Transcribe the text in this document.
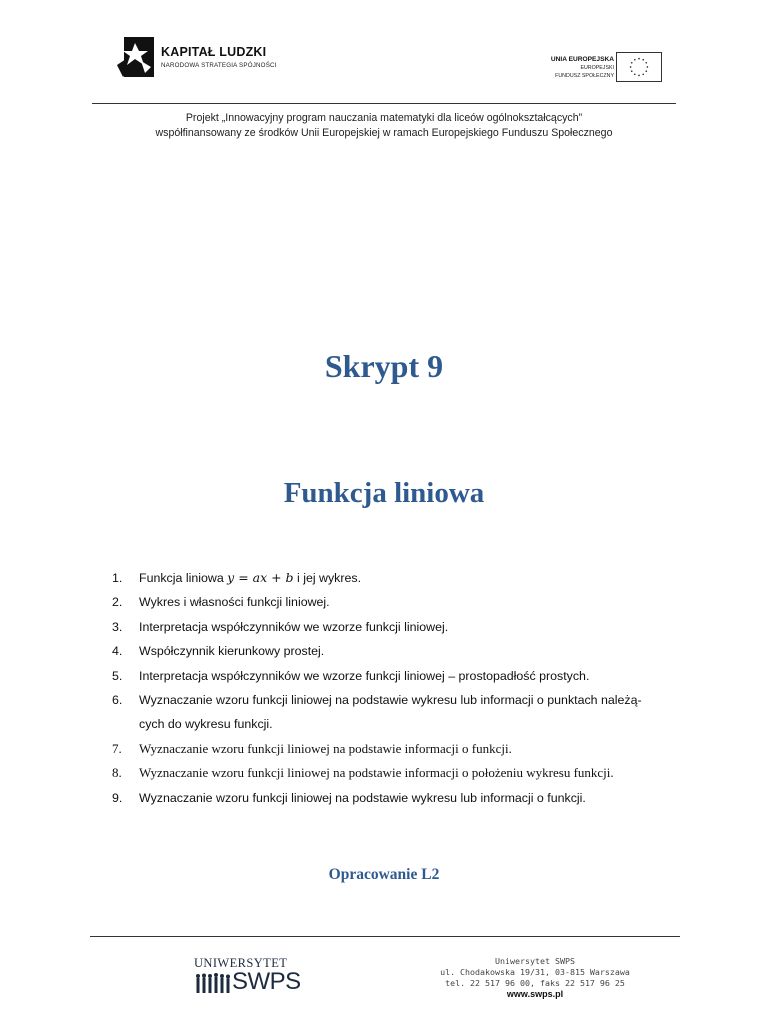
KAPITAŁ LUDZKI
NARODOWA STRATEGIA SPÓJNOŚCI
UNIA EUROPEJSKA
EUROPEJSKI
FUNDUSZ SPOŁECZNY
Projekt „Innowacyjny program nauczania matematyki dla liceów ogólnokształcących”
współfinansowany ze środków Unii Europejskiej w ramach Europejskiego Funduszu Społecznego
Skrypt 9
Funkcja liniowa
1. Funkcja liniowa y = ax + b i jej wykres.
2. Wykres i własności funkcji liniowej.
3. Interpretacja współczynników we wzorze funkcji liniowej.
4. Współczynnik kierunkowy prostej.
5. Interpretacja współczynników we wzorze funkcji liniowej – prostopadłość prostych.
6. Wyznaczanie wzoru funkcji liniowej na podstawie wykresu lub informacji o punktach należą-
cych do wykresu funkcji.
7. Wyznaczanie wzoru funkcji liniowej na podstawie informacji o funkcji.
8. Wyznaczanie wzoru funkcji liniowej na podstawie informacji o położeniu wykresu funkcji.
9. Wyznaczanie wzoru funkcji liniowej na podstawie wykresu lub informacji o funkcji.
Opracowanie L2
UNIWERSYTET
SWPS
Uniwersytet SWPS
ul. Chodakowska 19/31, 03-815 Warszawa
tel. 22 517 96 00, faks 22 517 96 25
www.swps.pl
